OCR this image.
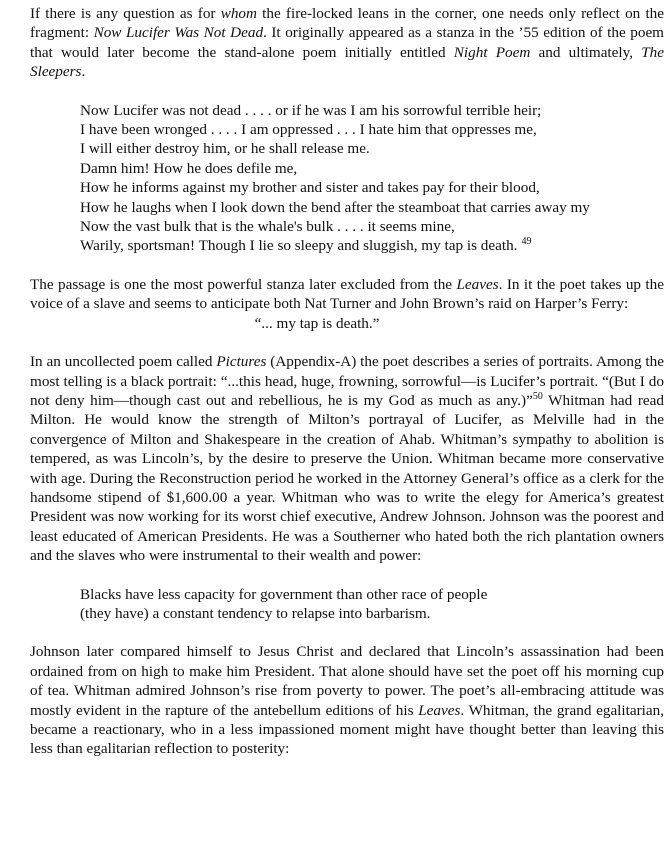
If there is any question as for whom the fire-locked leans in the corner, one needs only reflect on the fragment: Now Lucifer Was Not Dead. It originally appeared as a stanza in the ’55 edition of the poem that would later become the stand-alone poem initially entitled Night Poem and ultimately, The Sleepers.

Now Lucifer was not dead . . . . or if he was I am his sorrowful terrible heir;
I have been wronged . . . . I am oppressed . . . I hate him that oppresses me,
I will either destroy him, or he shall release me.
Damn him! How he does defile me,
How he informs against my brother and sister and takes pay for their blood,
How he laughs when I look down the bend after the steamboat that carries away my
Now the vast bulk that is the whale's bulk . . . . it seems mine,
Warily, sportsman! Though I lie so sleepy and sluggish, my tap is death. $^{49}$

The passage is one the most powerful stanza later excluded from the Leaves. In it the poet takes up the voice of a slave and seems to anticipate both Nat Turner and John Brown’s raid on Harper’s Ferry:

“... my tap is death.”

In an uncollected poem called Pictures (Appendix-A) the poet describes a series of portraits. Among the most telling is a black portrait: “...this head, huge, frowning, sorrowful—is Lucifer’s portrait. “(But I do not deny him—though cast out and rebellious, he is my God as much as any.)”$^{50}$ Whitman had read Milton. He would know the strength of Milton’s portrayal of Lucifer, as Melville had in the convergence of Milton and Shakespeare in the creation of Ahab. Whitman’s sympathy to abolition is tempered, as was Lincoln’s, by the desire to preserve the Union. Whitman became more conservative with age. During the Reconstruction period he worked in the Attorney General’s office as a clerk for the handsome stipend of $1,600.00 a year. Whitman who was to write the elegy for America’s greatest President was now working for its worst chief executive, Andrew Johnson. Johnson was the poorest and least educated of American Presidents. He was a Southerner who hated both the rich plantation owners and the slaves who were instrumental to their wealth and power:

Blacks have less capacity for government than other race of people

(they have) a constant tendency to relapse into barbarism.

Johnson later compared himself to Jesus Christ and declared that Lincoln’s assassination had been ordained from on high to make him President. That alone should have set the poet off his morning cup of tea. Whitman admired Johnson’s rise from poverty to power. The poet’s all-embracing attitude was mostly evident in the rapture of the antebellum editions of his Leaves. Whitman, the grand egalitarian, became a reactionary, who in a less impassioned moment might have thought better than leaving this less than egalitarian reflection to posterity:
